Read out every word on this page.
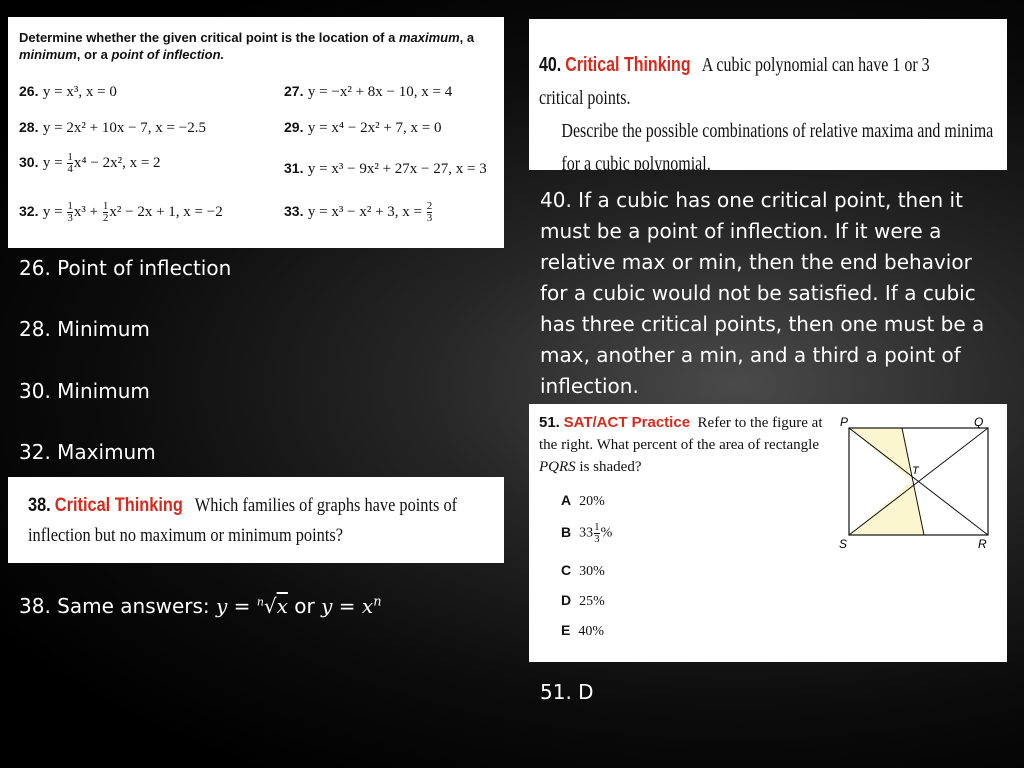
Determine whether the given critical point is the location of a maximum, a minimum, or a point of inflection.
26. y = x³, x = 0	27. y = −x² + 8x − 10, x = 4
28. y = 2x² + 10x − 7, x = −2.5	29. y = x⁴ − 2x² + 7, x = 0
30. $y = \frac{1}{4} x^4 - 2x^2$, x = 2	31. y = x³ − 9x² + 27x − 27, x = 3
32. $y = \frac{1}{3} x^3 + \frac{1}{2} x^2 - 2x + 1$, x = −2	33. y = x³ − x² + 3, $x = \frac{2}{3}$
26. Point of inflection
28. Minimum
30. Minimum
32. Maximum
38. Critical Thinking Which families of graphs have points of inflection but no maximum or minimum points?
38. Same answers: y = $^n$√x or $y = x^n$
40. Critical Thinking A cubic polynomial can have 1 or 3 critical points.
Describe the possible combinations of relative maxima and minima for a cubic polynomial.
40. If a cubic has one critical point, then it must be a point of inflection. If it were a relative max or min, then the end behavior for a cubic would not be satisfied. If a cubic has three critical points, then one must be a max, another a min, and a third a point of inflection.
51. SAT/ACT Practice Refer to the figure at the right. What percent of the area of rectangle PQRS is shaded?
A 20%
B $33 \frac{1}{3}$ %
C 30%
D 25%
E 40%
P	Q
T
S	R
51. D
